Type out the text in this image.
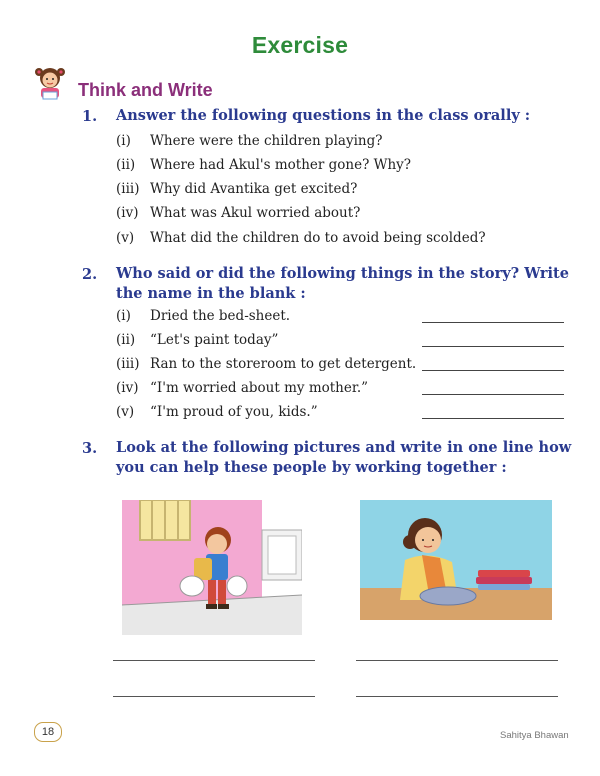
Exercise
Think and Write
1. Answer the following questions in the class orally :
(i) Where were the children playing?
(ii) Where had Akul's mother gone? Why?
(iii) Why did Avantika get excited?
(iv) What was Akul worried about?
(v) What did the children do to avoid being scolded?
2. Who said or did the following things in the story? Write
the name in the blank :
(i) Dried the bed-sheet.
(ii) “Let's paint today”
(iii) Ran to the storeroom to get detergent.
(iv) “I'm worried about my mother.”
(v) “I'm proud of you, kids.”
3. Look at the following pictures and write in one line how
you can help these people by working together :
18	Sahitya Bhawan
